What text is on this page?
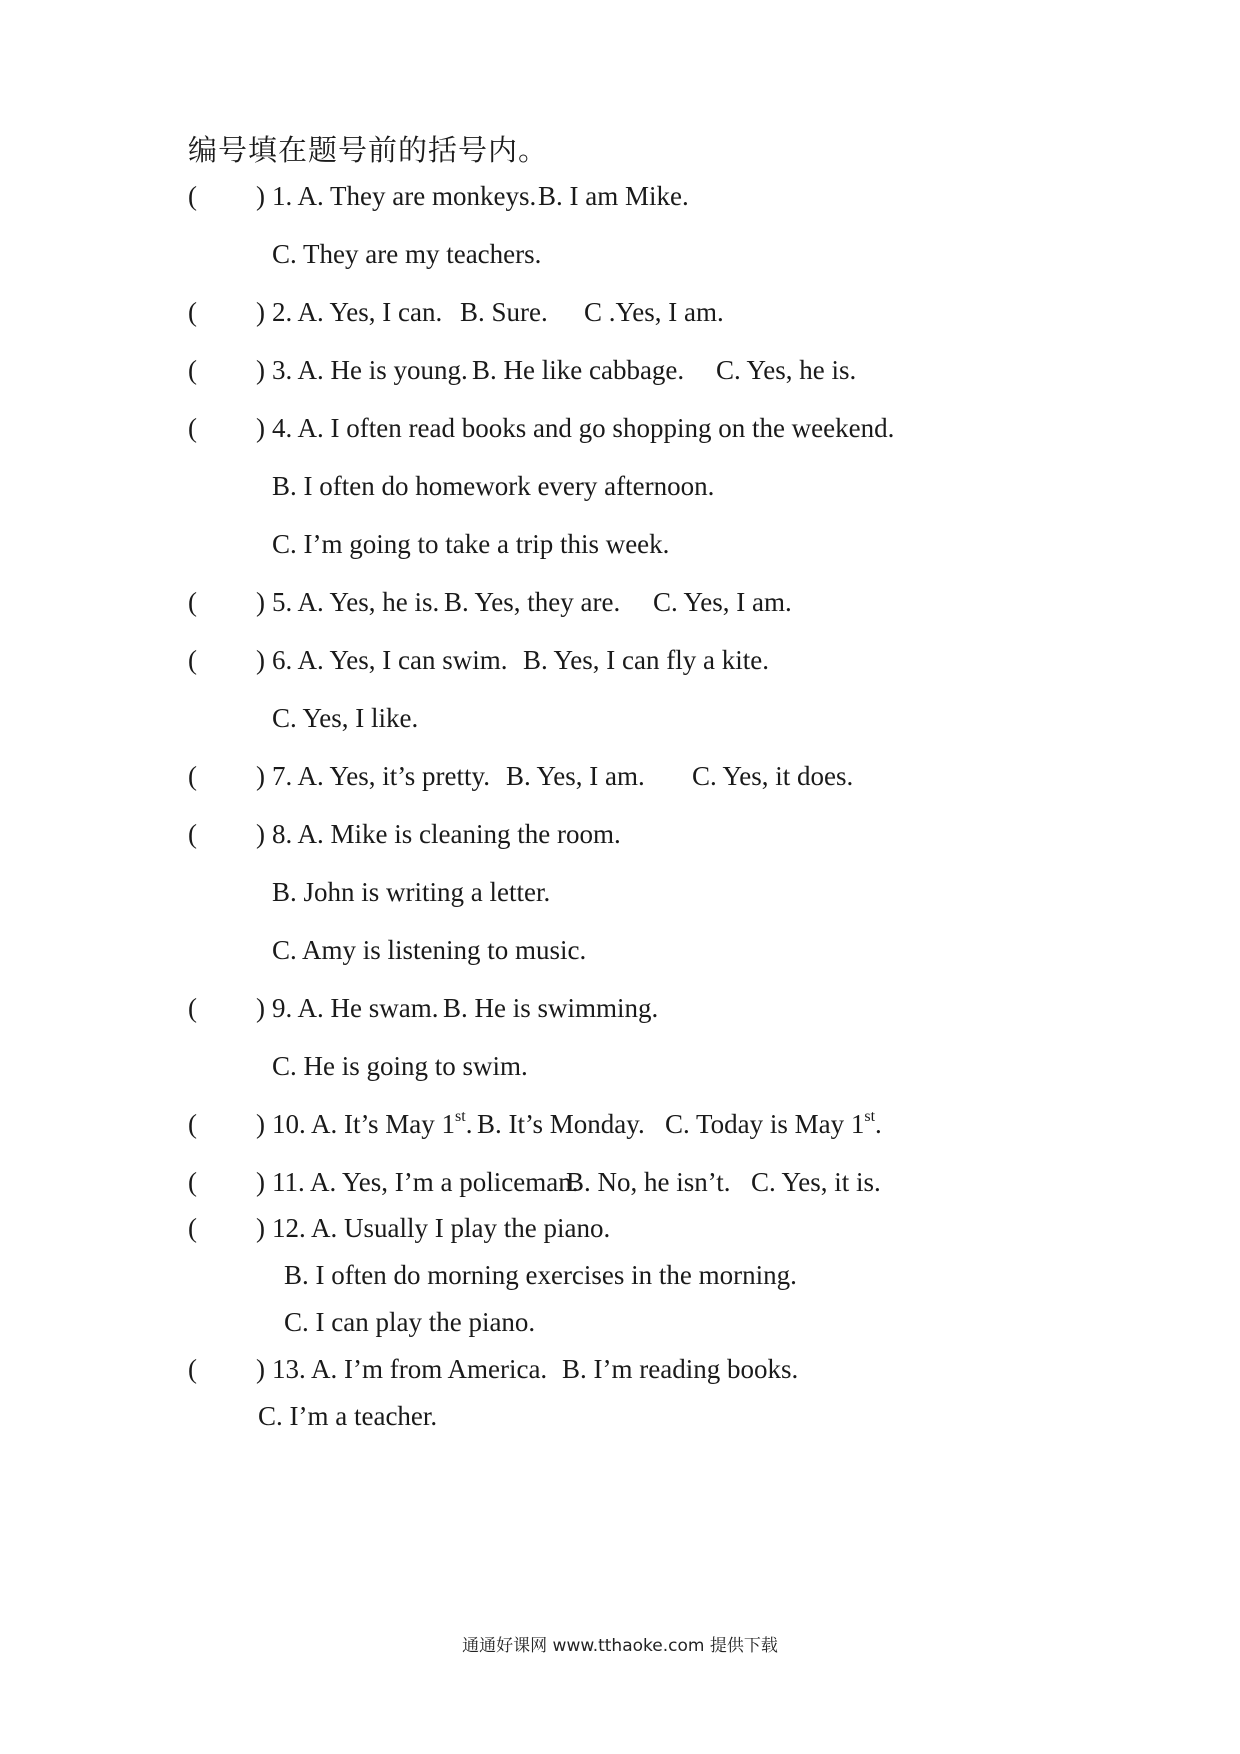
编号填在题号前的括号内。
( ) 1. A. They are monkeys. B. I am Mike.
C. They are my teachers.
( ) 2. A. Yes, I can. B. Sure. C .Yes, I am.
( ) 3. A. He is young. B. He like cabbage. C. Yes, he is.
( ) 4. A. I often read books and go shopping on the weekend.
B. I often do homework every afternoon.
C. I’m going to take a trip this week.
( ) 5. A. Yes, he is. B. Yes, they are. C. Yes, I am.
( ) 6. A. Yes, I can swim. B. Yes, I can fly a kite.
C. Yes, I like.
( ) 7. A. Yes, it’s pretty. B. Yes, I am. C. Yes, it does.
( ) 8. A. Mike is cleaning the room.
B. John is writing a letter.
C. Amy is listening to music.
( ) 9. A. He swam. B. He is swimming.
C. He is going to swim.
( ) 10. A. It’s May 1st. B. It’s Monday. C. Today is May 1st.
( ) 11. A. Yes, I’m a policeman.
B. No, he isn’t. C. Yes, it is.
( ) 12. A. Usually I play the piano.
B. I often do morning exercises in the morning.
C. I can play the piano.
( ) 13. A. I’m from America. B. I’m reading books.
C. I’m a teacher.
通通好课网 www.tthaoke.com 提供下载
